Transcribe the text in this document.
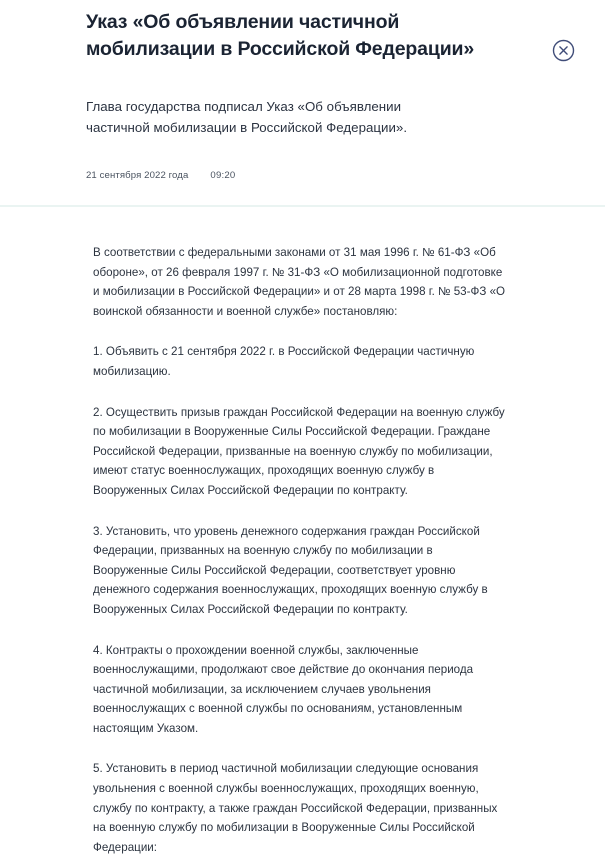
Указ «Об объявлении частичной мобилизации в Российской Федерации»

Глава государства подписал Указ «Об объявлении частичной мобилизации в Российской Федерации».

21 сентября 2022 года 09:20

В соответствии с федеральными законами от 31 мая 1996 г. № 61-ФЗ «Об обороне», от 26 февраля 1997 г. № 31-ФЗ «О мобилизационной подготовке и мобилизации в Российской Федерации» и от 28 марта 1998 г. № 53-ФЗ «О воинской обязанности и военной службе» постановляю:

1. Объявить с 21 сентября 2022 г. в Российской Федерации частичную мобилизацию.

2. Осуществить призыв граждан Российской Федерации на военную службу по мобилизации в Вооруженные Силы Российской Федерации. Граждане Российской Федерации, призванные на военную службу по мобилизации, имеют статус военнослужащих, проходящих военную службу в Вооруженных Силах Российской Федерации по контракту.

3. Установить, что уровень денежного содержания граждан Российской Федерации, призванных на военную службу по мобилизации в Вооруженные Силы Российской Федерации, соответствует уровню денежного содержания военнослужащих, проходящих военную службу в Вооруженных Силах Российской Федерации по контракту.

4. Контракты о прохождении военной службы, заключенные военнослужащими, продолжают свое действие до окончания периода частичной мобилизации, за исключением случаев увольнения военнослужащих с военной службы по основаниям, установленным настоящим Указом.

5. Установить в период частичной мобилизации следующие основания увольнения с военной службы военнослужащих, проходящих военную, службу по контракту, а также граждан Российской Федерации, призванных на военную службу по мобилизации в Вооруженные Силы Российской Федерации:
